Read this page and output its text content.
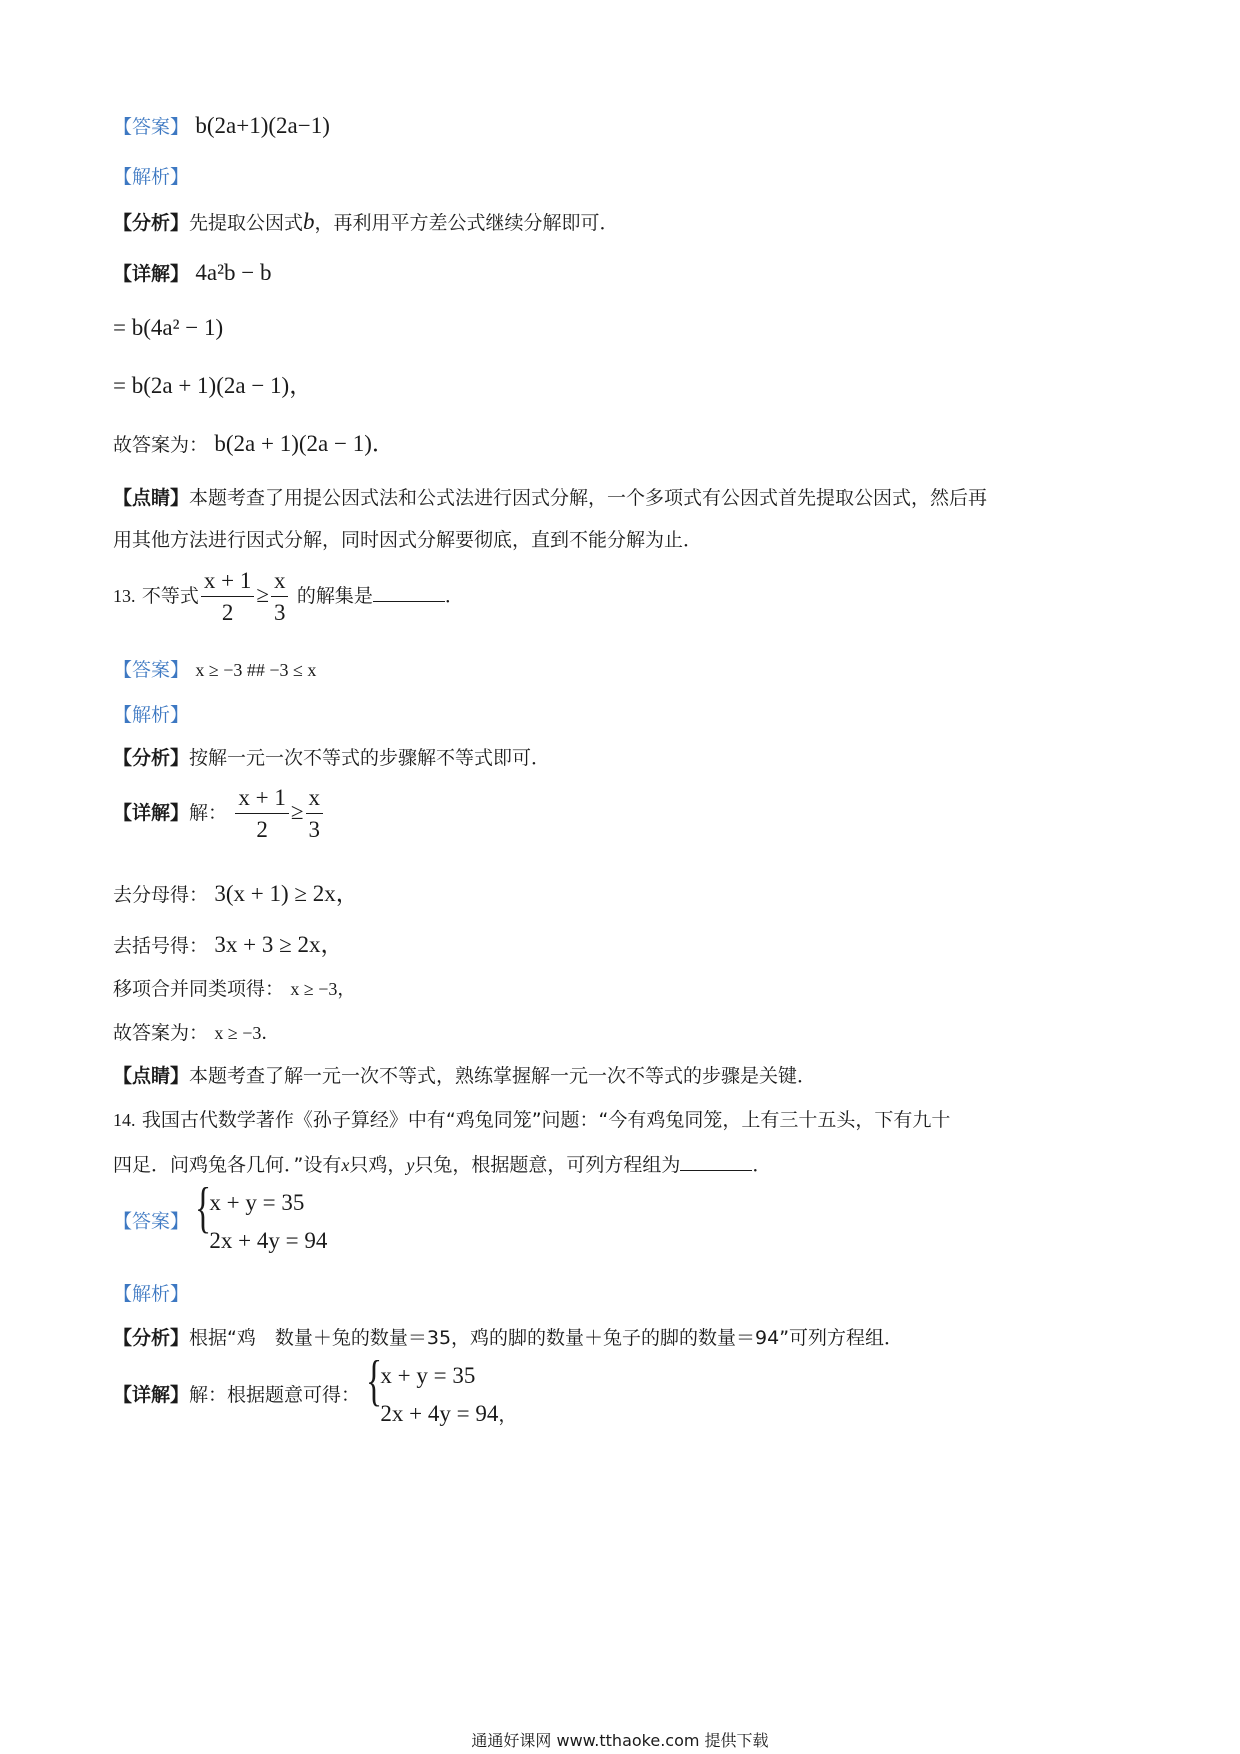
【答案】 b(2a+1)(2a−1)
【解析】
【分析】先提取公因式b，再利用平方差公式继续分解即可．
【详解】 4a²b − b
= b(4a² − 1)
= b(2a + 1)(2a − 1)，
故答案为： b(2a + 1)(2a − 1)．
【点睛】本题考查了用提公因式法和公式法进行因式分解，一个多项式有公因式首先提取公因式，然后再
用其他方法进行因式分解，同时因式分解要彻底，直到不能分解为止．
13. 不等式 $\frac{x + 1}{2} \ge \frac{x}{3}$ 的解集是	．
【答案】 x ≥ −3 ## −3 ≤ x
【解析】
【分析】按解一元一次不等式的步骤解不等式即可．
【详解】解： $\frac{x + 1}{2} \ge \frac{x}{3}$
去分母得： 3(x + 1) ≥ 2x，
去括号得： 3x + 3 ≥ 2x，
移项合并同类项得： x ≥ −3，
故答案为： x ≥ −3．
【点睛】本题考查了解一元一次不等式，熟练掌握解一元一次不等式的步骤是关键．
14. 我国古代数学著作《孙子算经》中有“鸡兔同笼”问题：“今有鸡兔同笼，上有三十五头，下有九十
四足．问鸡兔各几何．”设有x只鸡，y只兔，根据题意，可列方程组为	．
【答案】 {
x + y = 35
2x + 4y = 94
【解析】
【分析】根据“鸡　数量＋兔的数量＝35，鸡的脚的数量＋兔子的脚的数量＝94”可列方程组．
【详解】解：根据题意可得： {
x + y = 35
2x + 4y = 94，
通通好课网 www.tthaoke.com 提供下载
